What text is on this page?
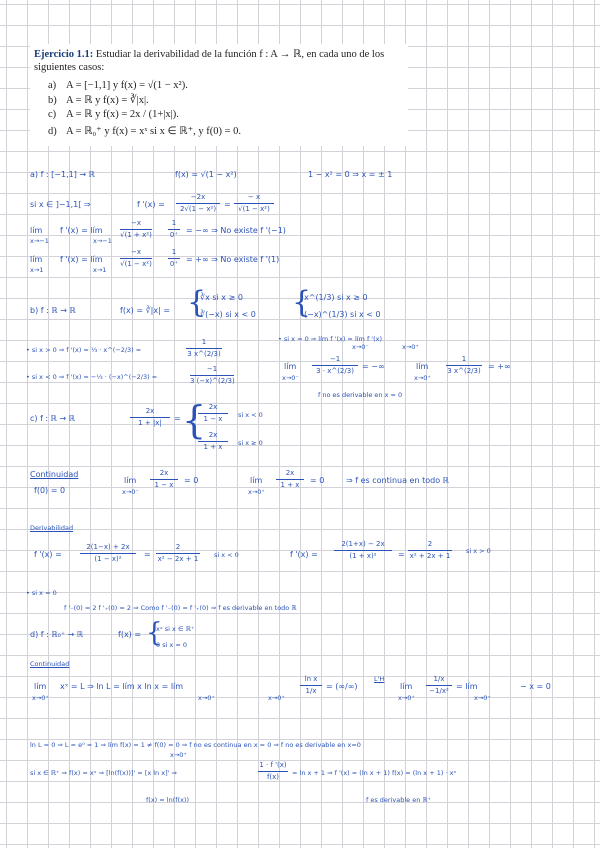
Ejercicio 1.1: Estudiar la derivabilidad de la función f : A → ℝ, en cada uno de los siguientes casos:
a) A = [−1,1] y f(x) = √(1 − x²).
b) A = ℝ y f(x) = ∛|x|.
c) A = ℝ y f(x) = 2x / (1+|x|).
d) A = ℝ₀⁺ y f(x) = xˣ si x ∈ ℝ⁺, y f(0) = 0.
a) f : [−1,1] → ℝ	f(x) = √(1 − x²)	1 − x² = 0 ⇒ x = ± 1
si x ∈ ]−1,1[ ⇒	f '(x) =
−2x
2√(1 − x²) =
− x
√(1 − x²)
lím
x→−1
f '(x) = lím
x→−1
−x
√(1 + x²)
1
0⁺ = −∞ ⇒ No existe f '(−1)
lím
x→1
f '(x) = lím
x→1
−x
√(1 − x²)
1
0⁺ = +∞ ⇒ No existe f '(1)
b) f : ℝ → ℝ	f(x) = ∛|x| = {
∛x si x ≥ 0
∛(−x) si x < 0 {
x^(1/3) si x ≥ 0
(−x)^(1/3) si x < 0
• si x > 0 ⇒ f '(x) = ⅓ · x^(−2/3) =
1
3 x^(2/3)
• si x < 0 ⇒ f '(x) = −⅓ · (−x)^(−2/3) =
−1
3 (−x)^(2/3)
• si x = 0 ⇒ lím f '(x) = lím f '(x)
x→0⁻	x→0⁺
lím
x→0⁻
−1
3 · x^(2/3)	= −∞	lím
x→0⁺
1
3 x^(2/3) = +∞
f no es derivable en x = 0
c) f : ℝ → ℝ
2x
1 + |x|	= { 2x
1 − x	si x < 0
2x
1 + x	si x ≥ 0
Continuidad
f(0) = 0
lím
x→0⁻
2x
1 − x	= 0	lím
x→0⁺
2x
1 + x	= 0	⇒ f es continua en todo ℝ
Derivabilidad
f '(x) =
2(1−x) + 2x
(1 − x)²	=
2
x² − 2x + 1 si x < 0	f '(x) =
2(1+x) − 2x
(1 + x)²	=
2
x² + 2x + 1
si x > 0
• si x = 0
f '₋(0) = 2 f '₊(0) = 2 ⇒ Como f '₋(0) = f '₊(0) ⇒ f es derivable en todo ℝ
d) f : ℝ₀⁺ → ℝ	f(x) = {
xˣ si x ∈ ℝ⁺
0 si x = 0
Continuidad
lím
x→0⁺
xˣ = L ⇒ ln L = lím x ln x = lím
x→0⁺	x→0⁺
ln x
1/x	= (∞/∞)
L'H
lím
x→0⁺
1/x
−1/x² = lím
x→0⁺
− x = 0
ln L = 0 ⇒ L = e⁰ = 1 ⇒ lím f(x) = 1 ≠ f(0) = 0 ⇒ f no es continua en x = 0 ⇒ f no es derivable en x=0
x→0⁺
si x ∈ ℝ⁺ ⇒ f(x) = xˣ ⇒ [ln(f(x))]' = [x ln x]' ⇒
1 · f '(x)
f(x)	= ln x + 1 ⇒ f '(x) = (ln x + 1) f(x) = (ln x + 1) · xˣ
f(x) = ln(f(x))	f es derivable en ℝ⁺
